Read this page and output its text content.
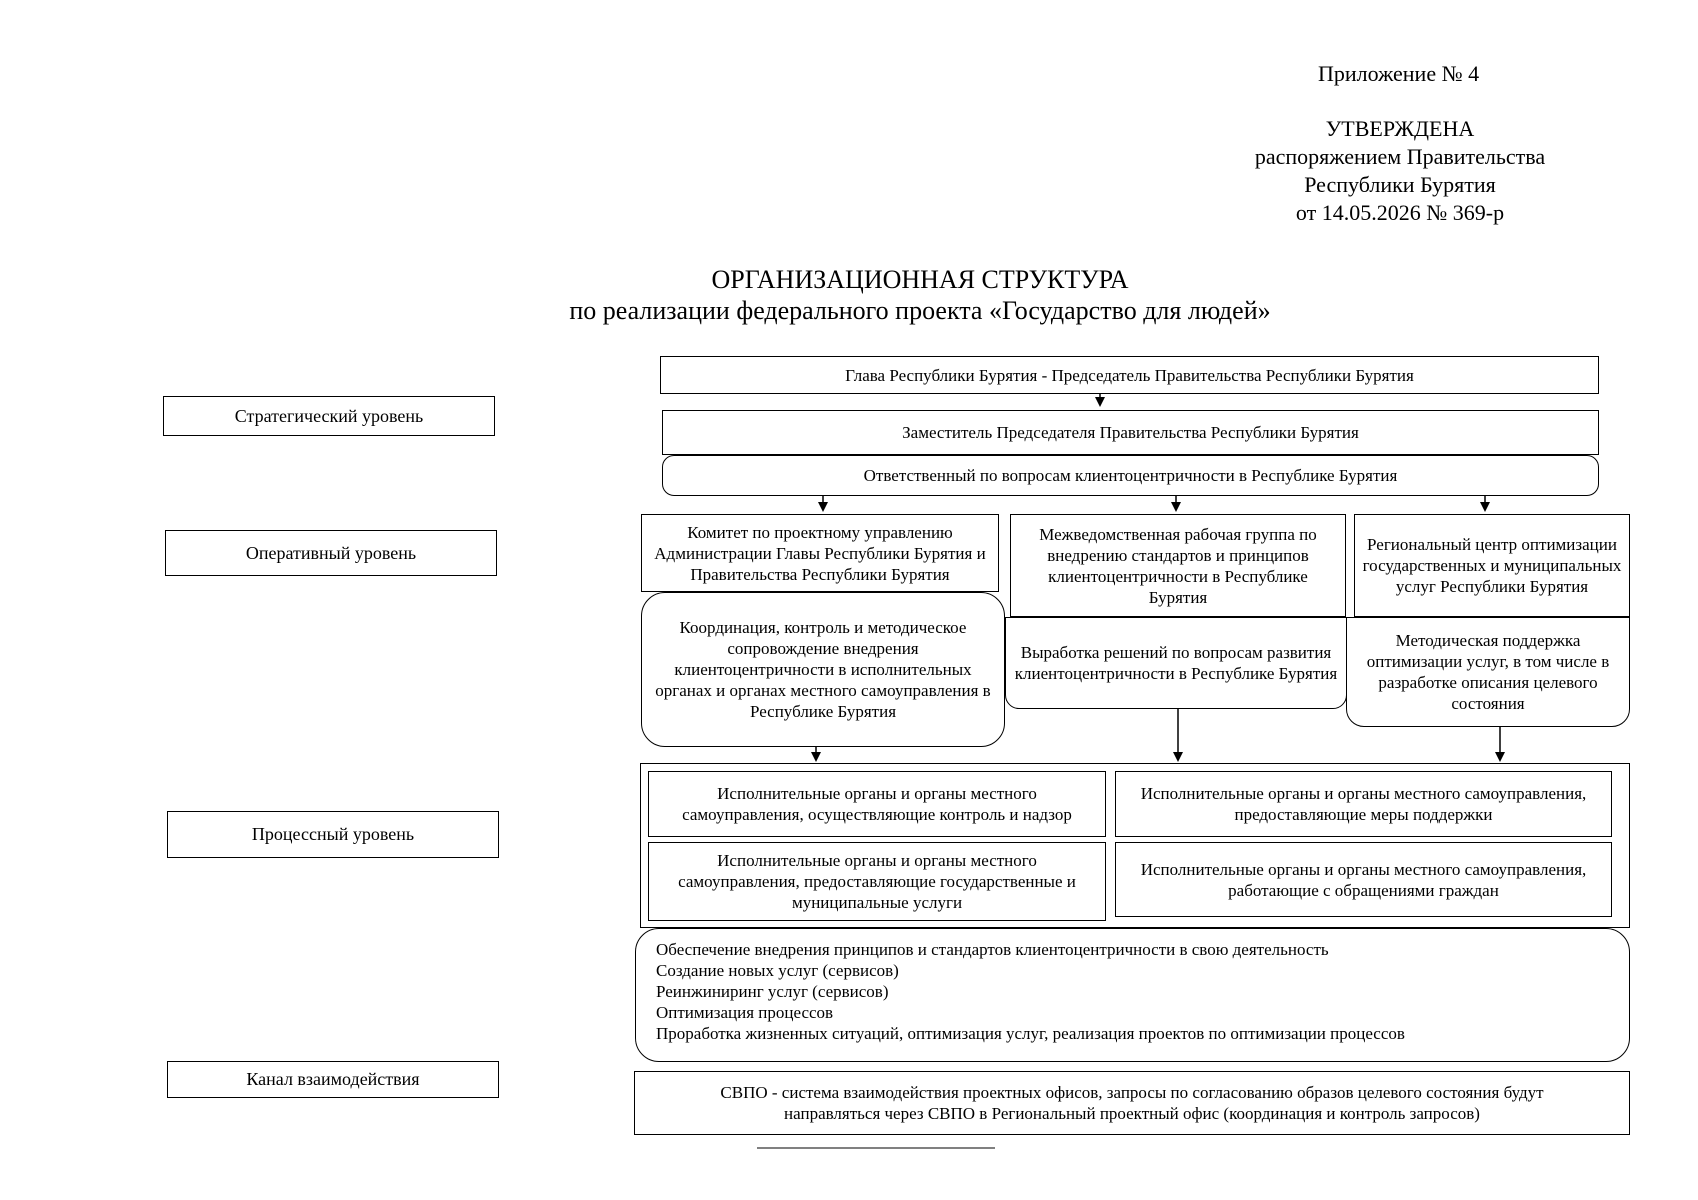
Приложение № 4
УТВЕРЖДЕНА
распоряжением Правительства
Республики Бурятия
от 14.05.2026 № 369-р
ОРГАНИЗАЦИОННАЯ СТРУКТУРА
по реализации федерального проекта «Государство для людей»
Стратегический уровень
Оперативный уровень
Процессный уровень
Канал взаимодействия
Глава Республики Бурятия - Председатель Правительства Республики Бурятия
Заместитель Председателя Правительства Республики Бурятия
Ответственный по вопросам клиентоцентричности в Республике Бурятия
Комитет по проектному управлению Администрации Главы Республики Бурятия и Правительства Республики Бурятия
Координация, контроль и методическое сопровождение внедрения клиентоцентричности в исполнительных органах и органах местного самоуправления в Республике Бурятия
Межведомственная рабочая группа по внедрению стандартов и принципов клиентоцентричности в Республике Бурятия
Выработка решений по вопросам развития клиентоцентричности в Республике Бурятия
Региональный центр оптимизации государственных и муниципальных услуг Республики Бурятия
Методическая поддержка оптимизации услуг, в том числе в разработке описания целевого состояния
Исполнительные органы и органы местного самоуправления, осуществляющие контроль и надзор
Исполнительные органы и органы местного самоуправления, предоставляющие меры поддержки
Исполнительные органы и органы местного самоуправления, предоставляющие государственные и муниципальные услуги
Исполнительные органы и органы местного самоуправления, работающие с обращениями граждан
Обеспечение внедрения принципов и стандартов клиентоцентричности в свою деятельность
Создание новых услуг (сервисов)
Реинжиниринг услуг (сервисов)
Оптимизация процессов
Проработка жизненных ситуаций, оптимизация услуг, реализация проектов по оптимизации процессов
СВПО - система взаимодействия проектных офисов, запросы по согласованию образов целевого состояния будут направляться через СВПО в Региональный проектный офис (координация и контроль запросов)
